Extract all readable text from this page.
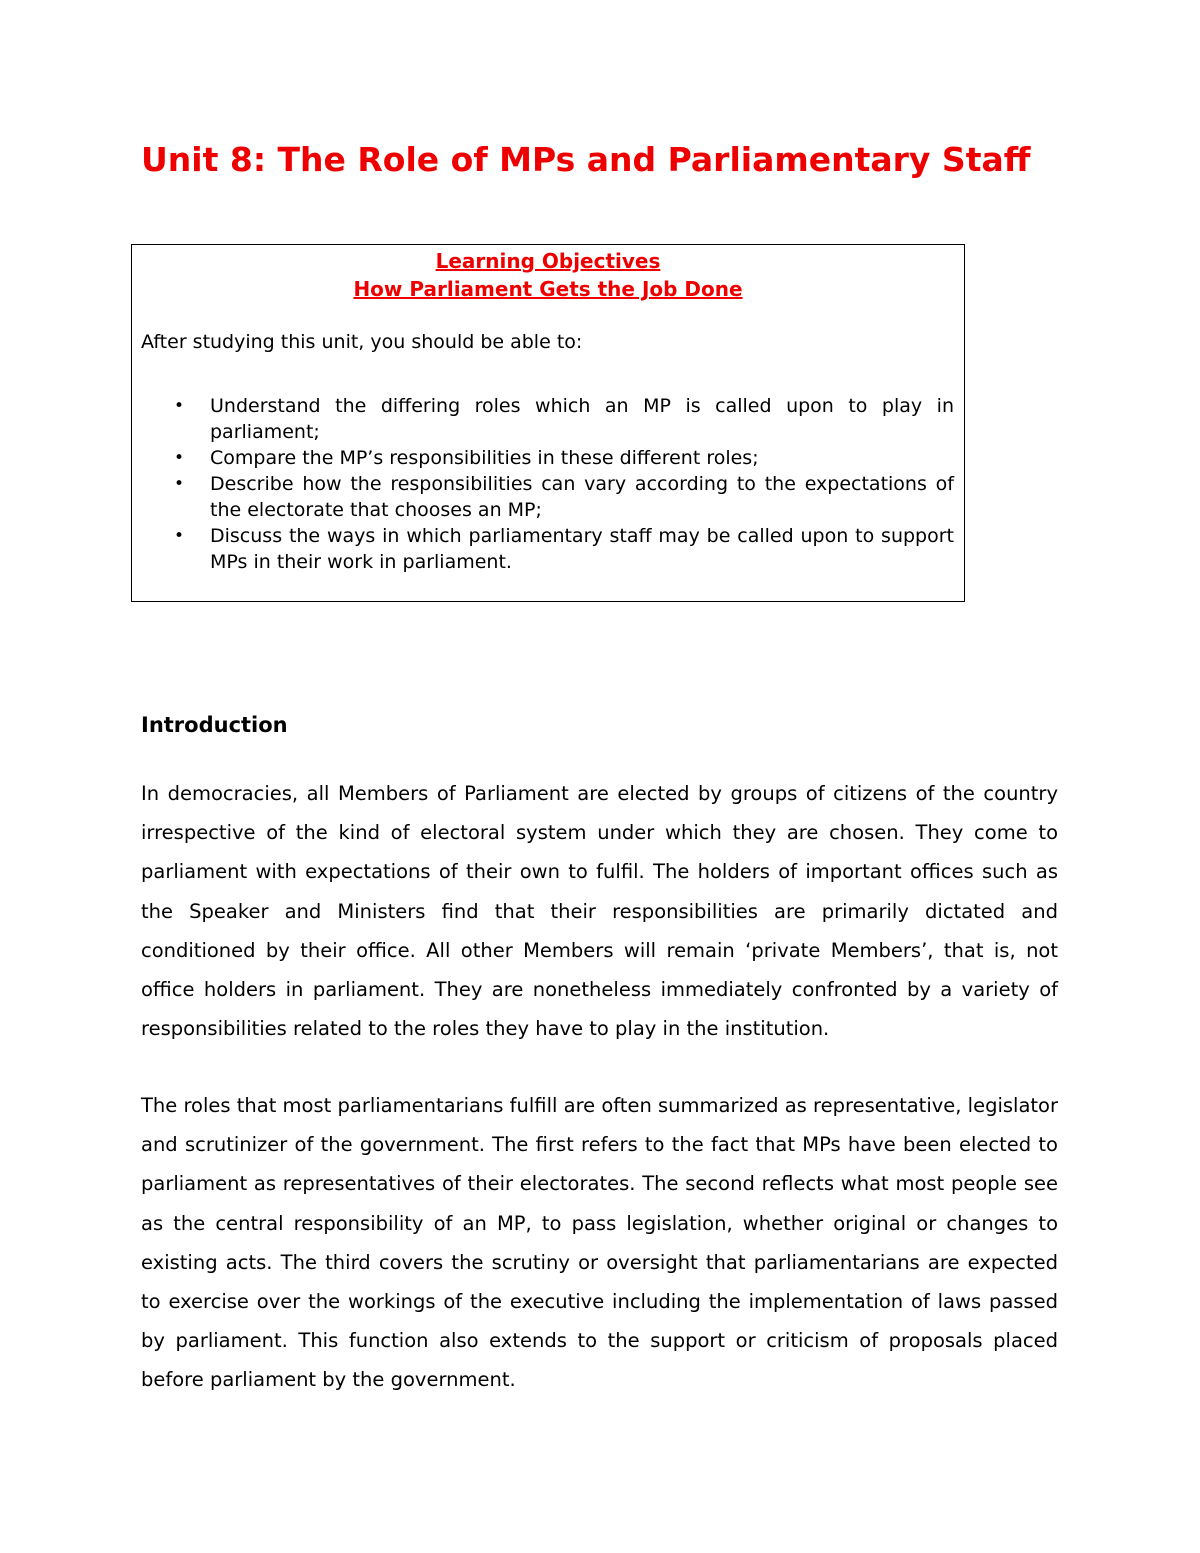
Unit 8: The Role of MPs and Parliamentary Staff
Learning Objectives
How Parliament Gets the Job Done
After studying this unit, you should be able to:
• Understand the differing roles which an MP is called upon to play in parliament;
• Compare the MP’s responsibilities in these different roles;
• Describe how the responsibilities can vary according to the expectations of the electorate that chooses an MP;
• Discuss the ways in which parliamentary staff may be called upon to support MPs in their work in parliament.
Introduction

In democracies, all Members of Parliament are elected by groups of citizens of the country irrespective of the kind of electoral system under which they are chosen. They come to parliament with expectations of their own to fulfil. The holders of important offices such as the Speaker and Ministers find that their responsibilities are primarily dictated and conditioned by their office. All other Members will remain ‘private Members’, that is, not office holders in parliament. They are nonetheless immediately confronted by a variety of responsibilities related to the roles they have to play in the institution.

The roles that most parliamentarians fulfill are often summarized as representative, legislator and scrutinizer of the government. The first refers to the fact that MPs have been elected to parliament as representatives of their electorates. The second reflects what most people see as the central responsibility of an MP, to pass legislation, whether original or changes to existing acts. The third covers the scrutiny or oversight that parliamentarians are expected to exercise over the workings of the executive including the implementation of laws passed by parliament. This function also extends to the support or criticism of proposals placed before parliament by the government.
